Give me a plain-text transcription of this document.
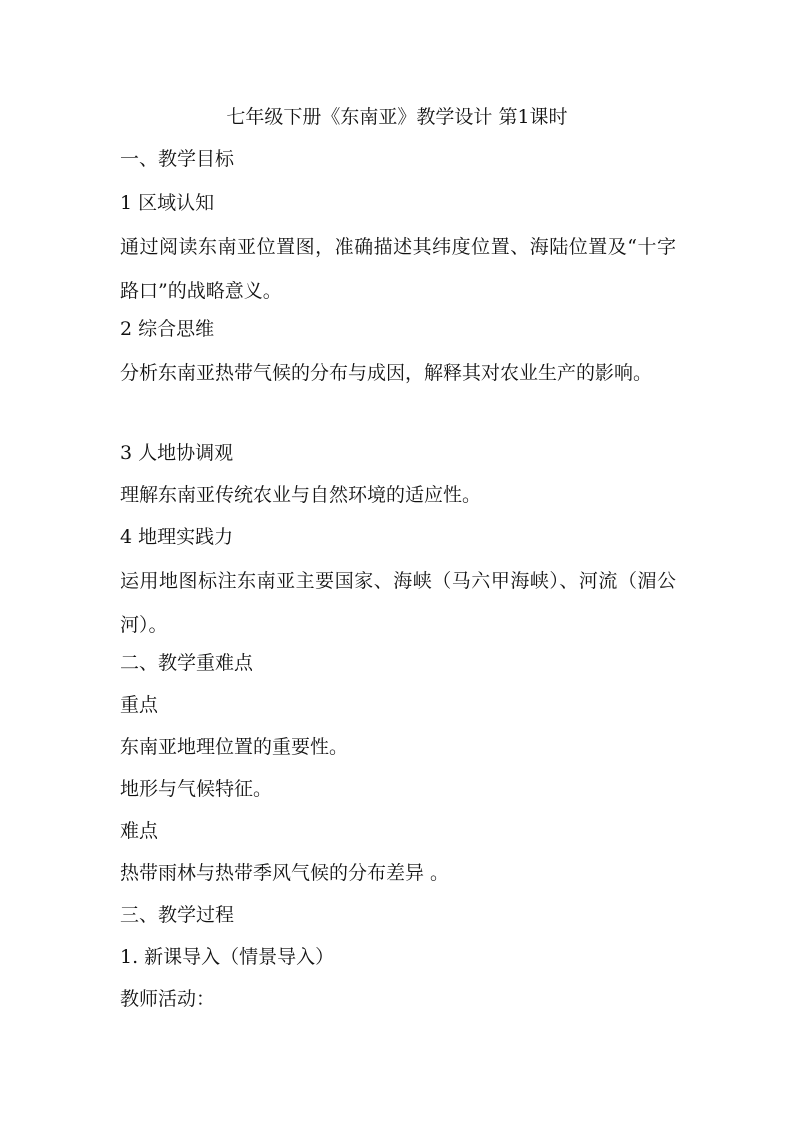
七年级下册《东南亚》教学设计 第1课时
一、教学目标
1 区域认知
通过阅读东南亚位置图，准确描述其纬度位置、海陆位置及“十字路口”的战略意义。
2 综合思维
分析东南亚热带气候的分布与成因，解释其对农业生产的影响。
3 人地协调观
理解东南亚传统农业与自然环境的适应性。
4 地理实践力
运用地图标注东南亚主要国家、海峡（马六甲海峡）、河流（湄公河）。
二、教学重难点
重点
东南亚地理位置的重要性。
地形与气候特征。
难点
热带雨林与热带季风气候的分布差异 。
三、教学过程
1. 新课导入（情景导入）
教师活动：
